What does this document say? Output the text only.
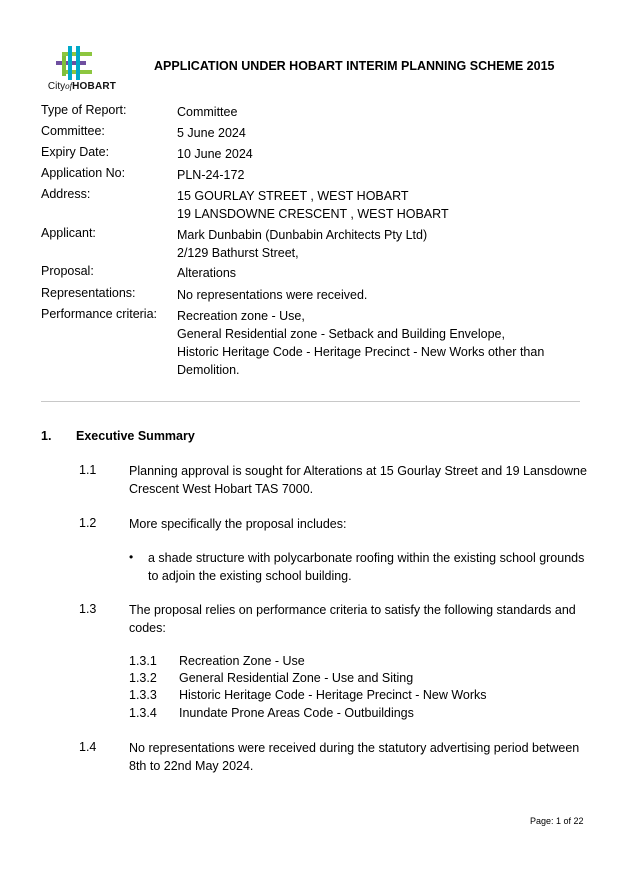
CityofHOBART
APPLICATION UNDER HOBART INTERIM PLANNING SCHEME 2015
Type of Report:	Committee
Committee:	5 June 2024
Expiry Date:	10 June 2024
Application No:	PLN-24-172
Address:	15 GOURLAY STREET , WEST HOBART
19 LANSDOWNE CRESCENT , WEST HOBART
Applicant:	Mark Dunbabin (Dunbabin Architects Pty Ltd)
2/129 Bathurst Street,
Proposal:	Alterations
Representations:	No representations were received.
Performance criteria: Recreation zone - Use,
General Residential zone - Setback and Building Envelope,
Historic Heritage Code - Heritage Precinct - New Works other than
Demolition.
1. Executive Summary
1.1	Planning approval is sought for Alterations at 15 Gourlay Street and 19 Lansdowne
Crescent West Hobart TAS 7000.
1.2	More specifically the proposal includes:
• a shade structure with polycarbonate roofing within the existing school grounds
to adjoin the existing school building.
1.3	The proposal relies on performance criteria to satisfy the following standards and
codes:
1.3.1 Recreation Zone - Use
1.3.2 General Residential Zone - Use and Siting
1.3.3 Historic Heritage Code - Heritage Precinct - New Works
1.3.4 Inundate Prone Areas Code - Outbuildings
1.4	No representations were received during the statutory advertising period between
8th to 22nd May 2024.
Page: 1 of 22
